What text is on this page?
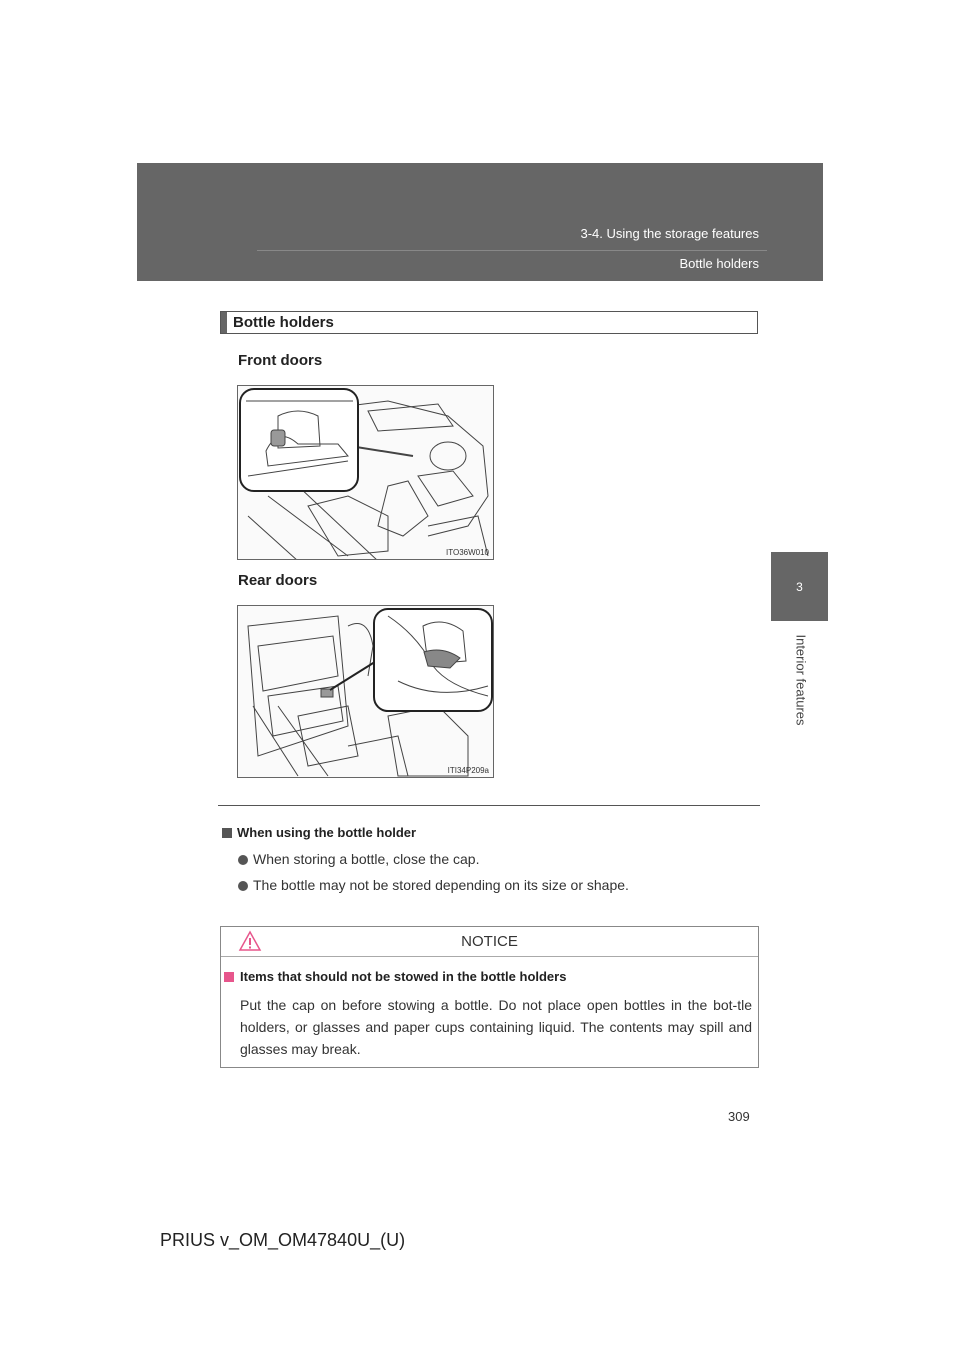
3-4. Using the storage features
Bottle holders
3
Interior features
Bottle holders
Front doors
ITO36W010
Rear doors
ITI34P209a
When using the bottle holder
When storing a bottle, close the cap.
The bottle may not be stored depending on its size or shape.
NOTICE
Items that should not be stowed in the bottle holders
Put the cap on before stowing a bottle. Do not place open bottles in the bot-tle holders, or glasses and paper cups containing liquid. The contents may spill and glasses may break.
309
PRIUS v_OM_OM47840U_(U)
